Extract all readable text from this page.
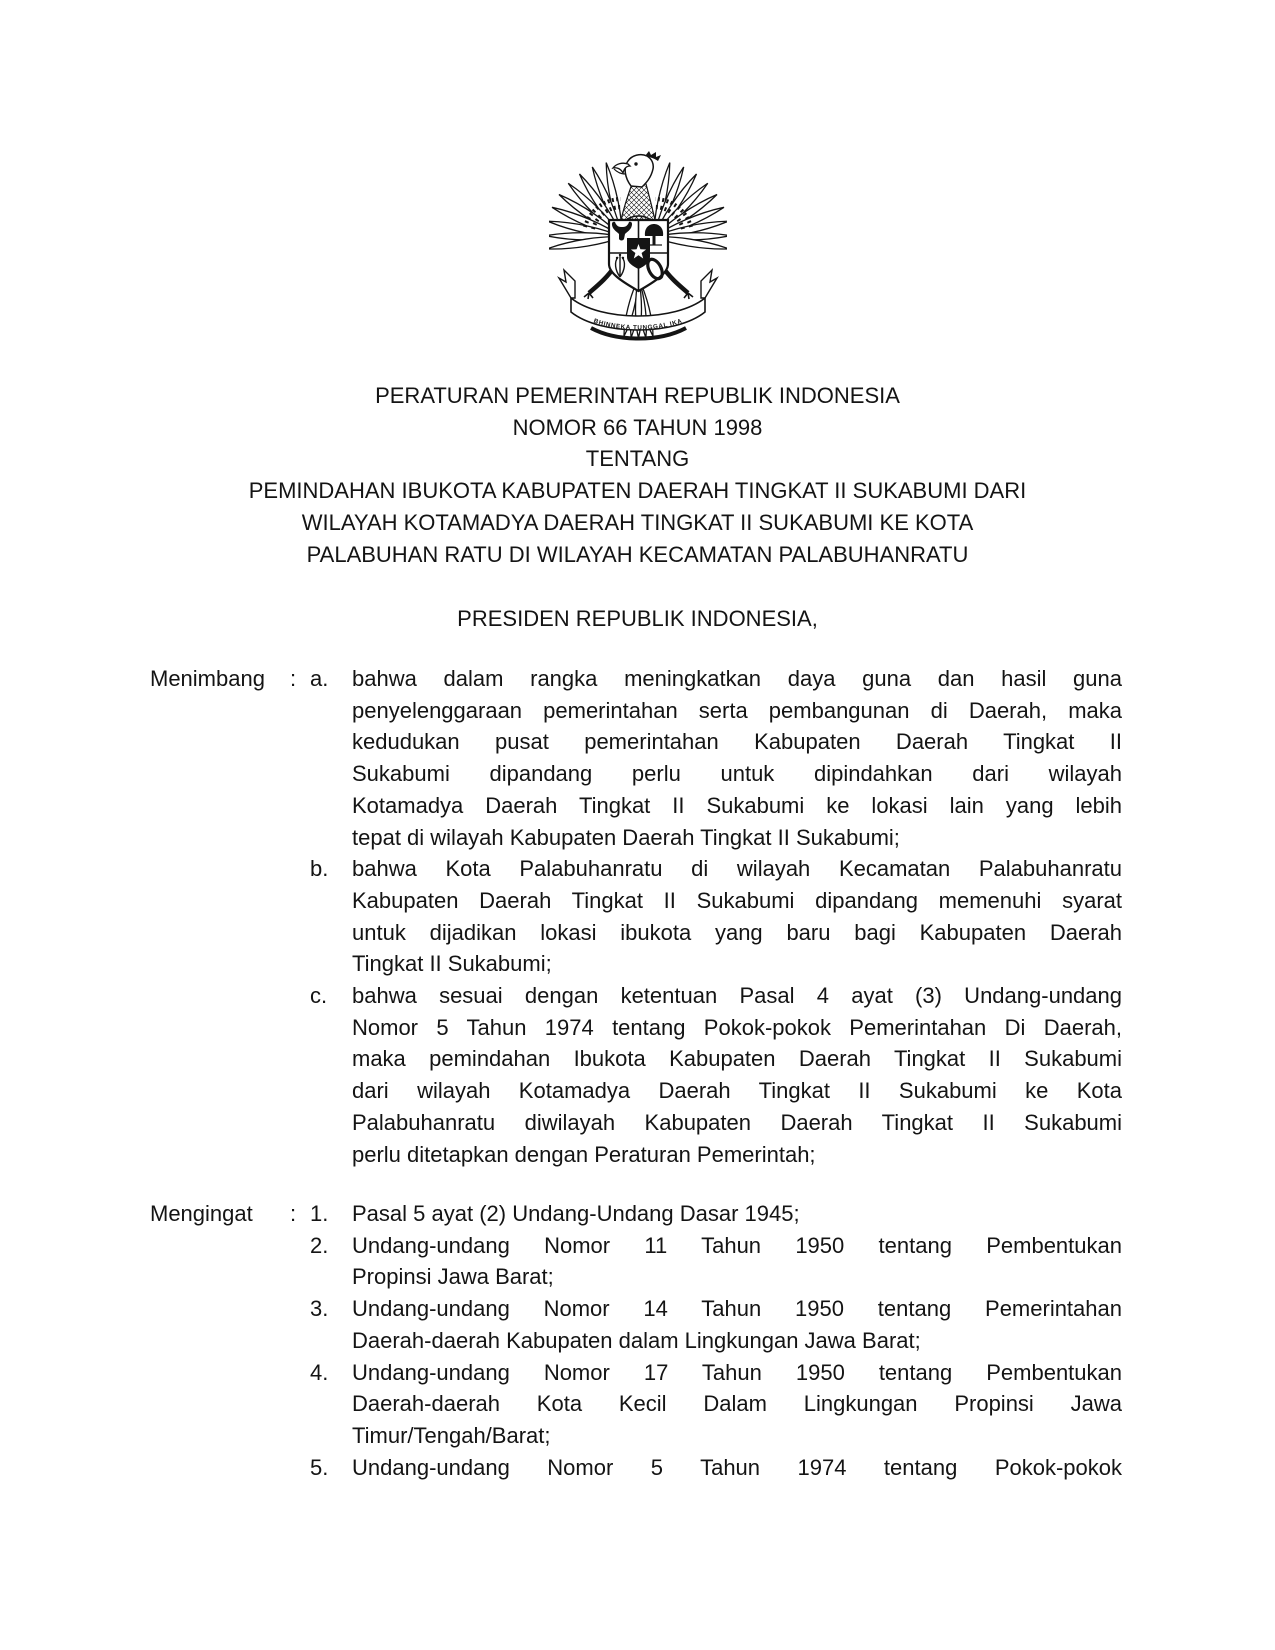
BHINNEKA TUNGGAL IKA
PERATURAN PEMERINTAH REPUBLIK INDONESIA
NOMOR 66 TAHUN 1998
TENTANG
PEMINDAHAN IBUKOTA KABUPATEN DAERAH TINGKAT II SUKABUMI DARI
WILAYAH KOTAMADYA DAERAH TINGKAT II SUKABUMI KE KOTA
PALABUHAN RATU DI WILAYAH KECAMATAN PALABUHANRATU
PRESIDEN REPUBLIK INDONESIA,
Menimbang	: a.	bahwa dalam rangka meningkatkan daya guna dan hasil guna
penyelenggaraan pemerintahan serta pembangunan di Daerah, maka
kedudukan pusat pemerintahan Kabupaten Daerah Tingkat II
Sukabumi dipandang perlu untuk dipindahkan dari wilayah
Kotamadya Daerah Tingkat II Sukabumi ke lokasi lain yang lebih
tepat di wilayah Kabupaten Daerah Tingkat II Sukabumi;
b.	bahwa Kota Palabuhanratu di wilayah Kecamatan Palabuhanratu
Kabupaten Daerah Tingkat II Sukabumi dipandang memenuhi syarat
untuk dijadikan lokasi ibukota yang baru bagi Kabupaten Daerah
Tingkat II Sukabumi;
c.	bahwa sesuai dengan ketentuan Pasal 4 ayat (3) Undang-undang
Nomor 5 Tahun 1974 tentang Pokok-pokok Pemerintahan Di Daerah,
maka pemindahan Ibukota Kabupaten Daerah Tingkat II Sukabumi
dari wilayah Kotamadya Daerah Tingkat II Sukabumi ke Kota
Palabuhanratu diwilayah Kabupaten Daerah Tingkat II Sukabumi
perlu ditetapkan dengan Peraturan Pemerintah;
Mengingat	: 1.	Pasal 5 ayat (2) Undang-Undang Dasar 1945;
2.	Undang-undang Nomor 11 Tahun 1950 tentang Pembentukan
Propinsi Jawa Barat;
3.	Undang-undang Nomor 14 Tahun 1950 tentang Pemerintahan
Daerah-daerah Kabupaten dalam Lingkungan Jawa Barat;
4.	Undang-undang Nomor 17 Tahun 1950 tentang Pembentukan
Daerah-daerah Kota Kecil Dalam Lingkungan Propinsi Jawa
Timur/Tengah/Barat;
5.	Undang-undang Nomor 5 Tahun 1974 tentang Pokok-pokok
